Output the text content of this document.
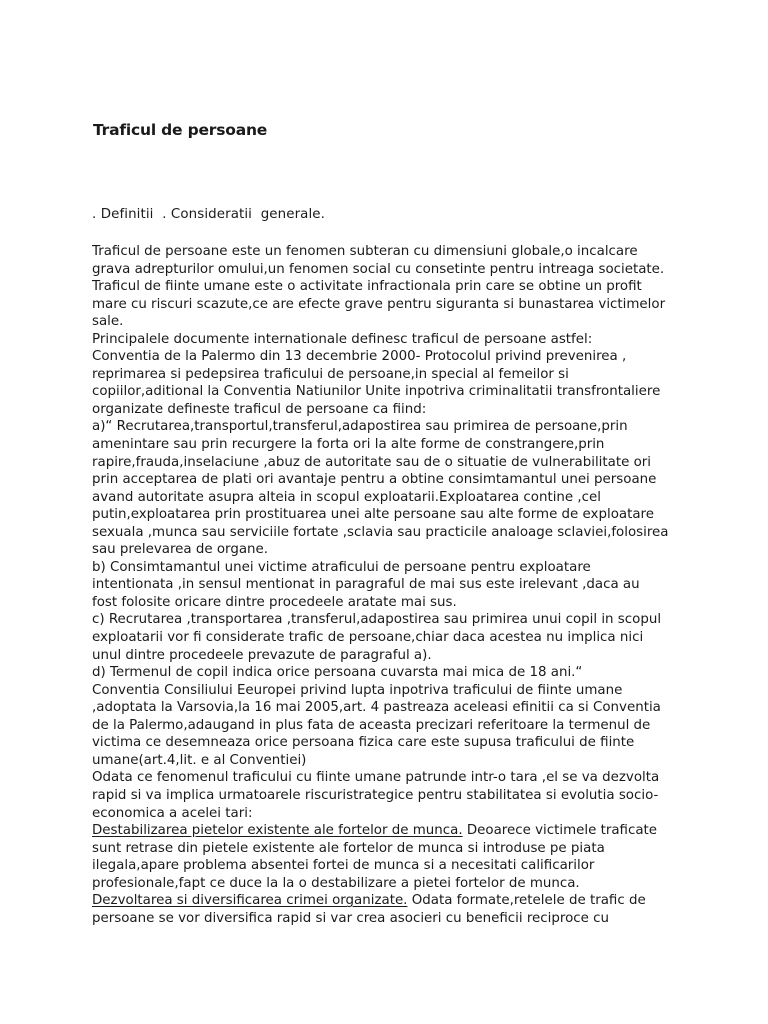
Traficul de persoane

. Definitii  . Consideratii  generale.

Traficul de persoane este un fenomen subteran cu dimensiuni globale,o incalcare
grava adrepturilor omului,un fenomen social cu consetinte pentru intreaga societate.
Traficul de fiinte umane este o activitate infractionala prin care se obtine un profit
mare cu riscuri scazute,ce are efecte grave pentru siguranta si bunastarea victimelor
sale.
Principalele documente internationale definesc traficul de persoane astfel:
Conventia de la Palermo din 13 decembrie 2000- Protocolul privind prevenirea ,
reprimarea si pedepsirea traficului de persoane,in special al femeilor si
copiilor,aditional la Conventia Natiunilor Unite inpotriva criminalitatii transfrontaliere
organizate defineste traficul de persoane ca fiind:
a)“ Recrutarea,transportul,transferul,adapostirea sau primirea de persoane,prin
amenintare sau prin recurgere la forta ori la alte forme de constrangere,prin
rapire,frauda,inselaciune ,abuz de autoritate sau de o situatie de vulnerabilitate ori
prin acceptarea de plati ori avantaje pentru a obtine consimtamantul unei persoane
avand autoritate asupra alteia in scopul exploatarii.Exploatarea contine ,cel
putin,exploatarea prin prostituarea unei alte persoane sau alte forme de exploatare
sexuala ,munca sau serviciile fortate ,sclavia sau practicile analoage sclaviei,folosirea
sau prelevarea de organe.
b) Consimtamantul unei victime atraficului de persoane pentru exploatare
intentionata ,in sensul mentionat in paragraful de mai sus este irelevant ,daca au
fost folosite oricare dintre procedeele aratate mai sus.
c) Recrutarea ,transportarea ,transferul,adapostirea sau primirea unui copil in scopul
exploatarii vor fi considerate trafic de persoane,chiar daca acestea nu implica nici
unul dintre procedeele prevazute de paragraful a).
d) Termenul de copil indica orice persoana cuvarsta mai mica de 18 ani.“
Conventia Consiliului Eeuropei privind lupta inpotriva traficului de fiinte umane
,adoptata la Varsovia,la 16 mai 2005,art. 4 pastreaza aceleasi efinitii ca si Conventia
de la Palermo,adaugand in plus fata de aceasta precizari referitoare la termenul de
victima ce desemneaza orice persoana fizica care este supusa traficului de fiinte
umane(art.4,lit. e al Conventiei)
Odata ce fenomenul traficului cu fiinte umane patrunde intr-o tara ,el se va dezvolta
rapid si va implica urmatoarele riscuristrategice pentru stabilitatea si evolutia socio-
economica a acelei tari:
Destabilizarea pietelor existente ale fortelor de munca. Deoarece victimele traficate
sunt retrase din pietele existente ale fortelor de munca si introduse pe piata
ilegala,apare problema absentei fortei de munca si a necesitati calificarilor
profesionale,fapt ce duce la la o destabilizare a pietei fortelor de munca.
Dezvoltarea si diversificarea crimei organizate. Odata formate,retelele de trafic de
persoane se vor diversifica rapid si var crea asocieri cu beneficii reciproce cu
